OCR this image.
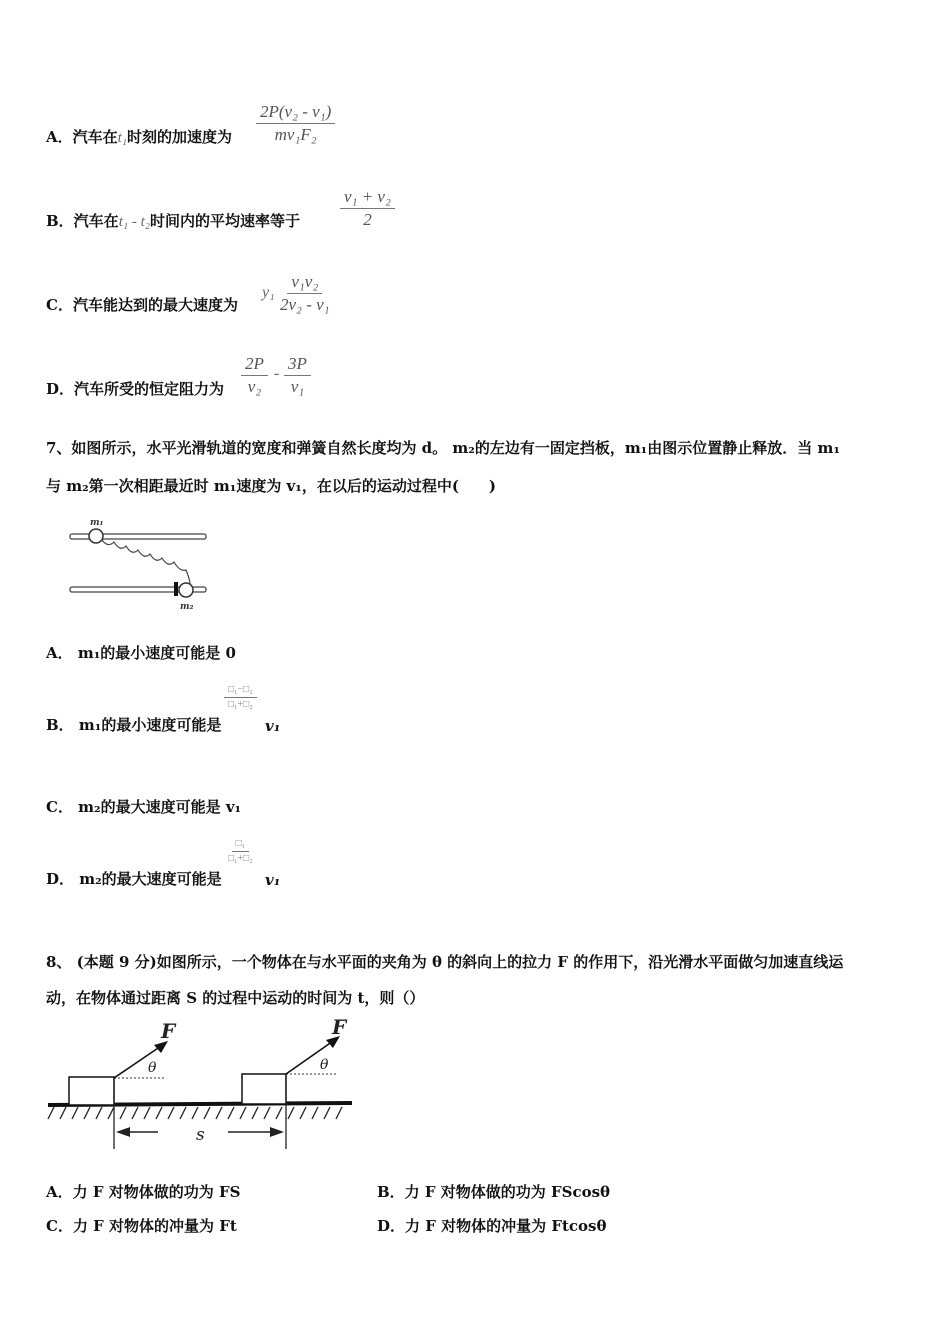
A．汽车在t₁时刻的加速度为 $\frac{\text{2P(v₂ - v₁)}}{\text{mv₁F₂}}$
B．汽车在t₁ - t₂时间内的平均速率等于 $\frac{\text{v₁ + v₂}}{2}$
C．汽车能达到的最大速度为
$y_1 \frac{\text{v₁v₂}}{\text{2v₂ - v₁}}$
D．汽车所受的恒定阻力为 $\frac{2P}{\text{v₂}} - \frac{3P}{\text{v₁}}$
7、如图所示，水平光滑轨道的宽度和弹簧自然长度均为 d。 m₂的左边有一固定挡板，m₁由图示位置静止释放．当 m₁
与 m₂第一次相距最近时 m₁速度为 v₁，在以后的运动过程中(　　)
m₁
m₂
A． m₁的最小速度可能是 0
B． m₁的最小速度可能是
□₁−□₂
□₁+□₂
v₁
C． m₂的最大速度可能是 v₁
D． m₂的最大速度可能是
□₁
□₁+□₂
v₁
8、 (本题 9 分)如图所示，一个物体在与水平面的夹角为 θ 的斜向上的拉力 F 的作用下，沿光滑水平面做匀加速直线运
动，在物体通过距离 S 的过程中运动的时间为 t，则（）
F	F
θ	θ
s
A．力 F 对物体做的功为 FS	B．力 F 对物体做的功为 FScosθ
C．力 F 对物体的冲量为 Ft	D．力 F 对物体的冲量为 Ftcosθ
